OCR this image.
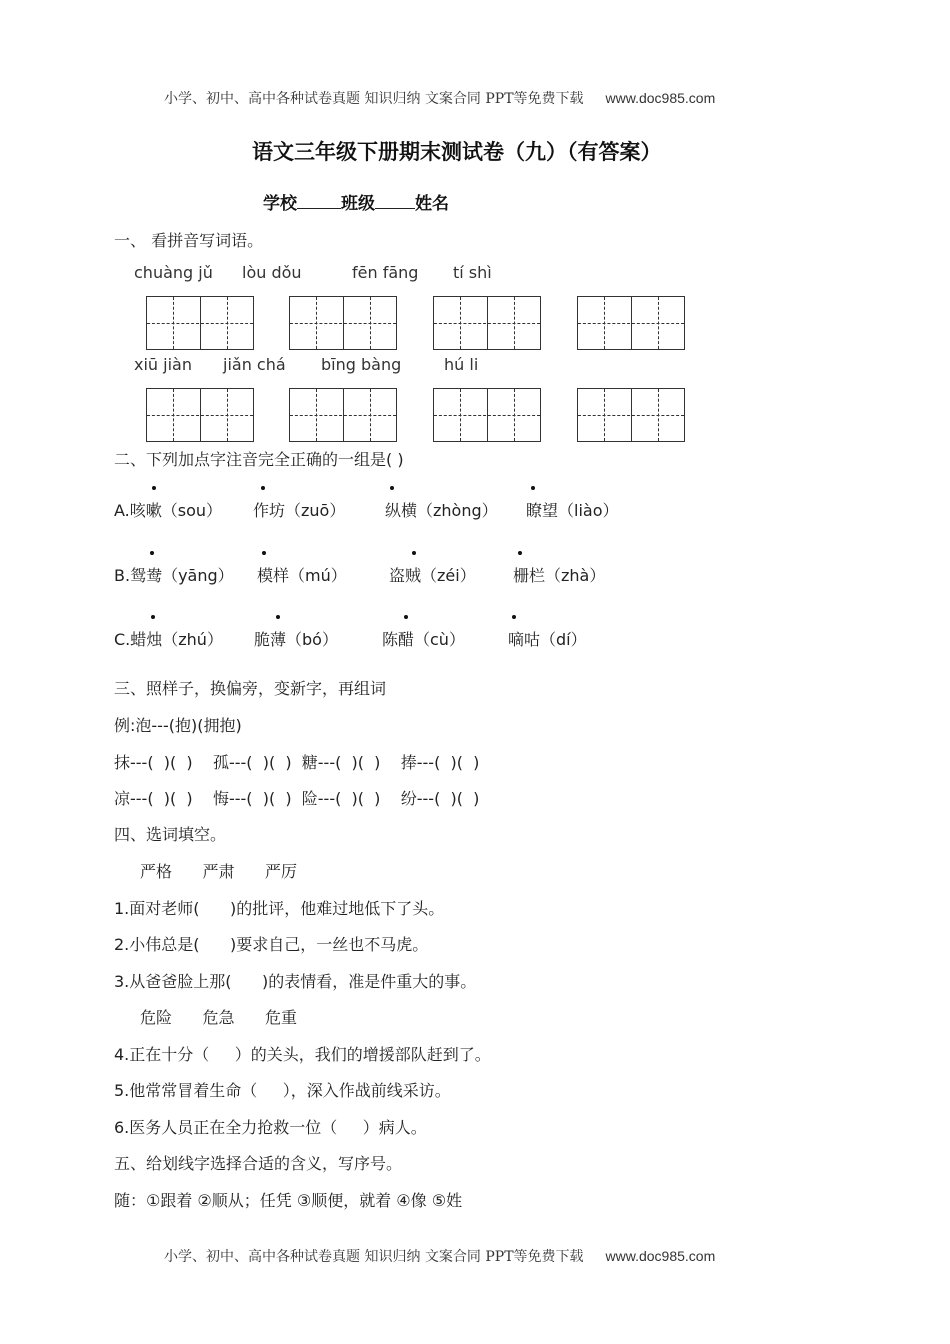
小学、初中、高中各种试卷真题 知识归纳 文案合同 PPT等免费下载 www.doc985.com
语文三年级下册期末测试卷（九）（有答案）
学校	班级 姓名
一、 看拼音写词语。
chuàng jǔ lòu dǒu	fēn fāng tí shì
xiū jiàn jiǎn chá bīng bàng	hú li
二、下列加点字注音完全正确的一组是( )
A.咳嗽（sou） 作坊（zuō） 纵横（zhòng） 瞭望（liào）
B.鸳鸯（yāng） 模样（mú）	盗贼（zéi） 栅栏（zhà）
C.蜡烛（zhú） 脆薄（bó）	陈醋（cù）	嘀咕（dí）
三、照样子，换偏旁，变新字，再组词
例:泡---(抱)(拥抱)
抹---(  )(  )    孤---(  )(  )  糖---(  )(  )    捧---(  )(  )
凉---(  )(  )    悔---(  )(  )  险---(  )(  )    纷---(  )(  )
四、选词填空。
严格      严肃      严厉
1.面对老师(      )的批评，他难过地低下了头。
2.小伟总是(      )要求自己，一丝也不马虎。
3.从爸爸脸上那(      )的表情看，准是件重大的事。
危险      危急      危重
4.正在十分（     ）的关头，我们的增援部队赶到了。
5.他常常冒着生命（     ），深入作战前线采访。
6.医务人员正在全力抢救一位（     ）病人。
五、给划线字选择合适的含义，写序号。
随：①跟着 ②顺从；任凭 ③顺便，就着 ④像 ⑤姓
小学、初中、高中各种试卷真题 知识归纳 文案合同 PPT等免费下载 www.doc985.com
